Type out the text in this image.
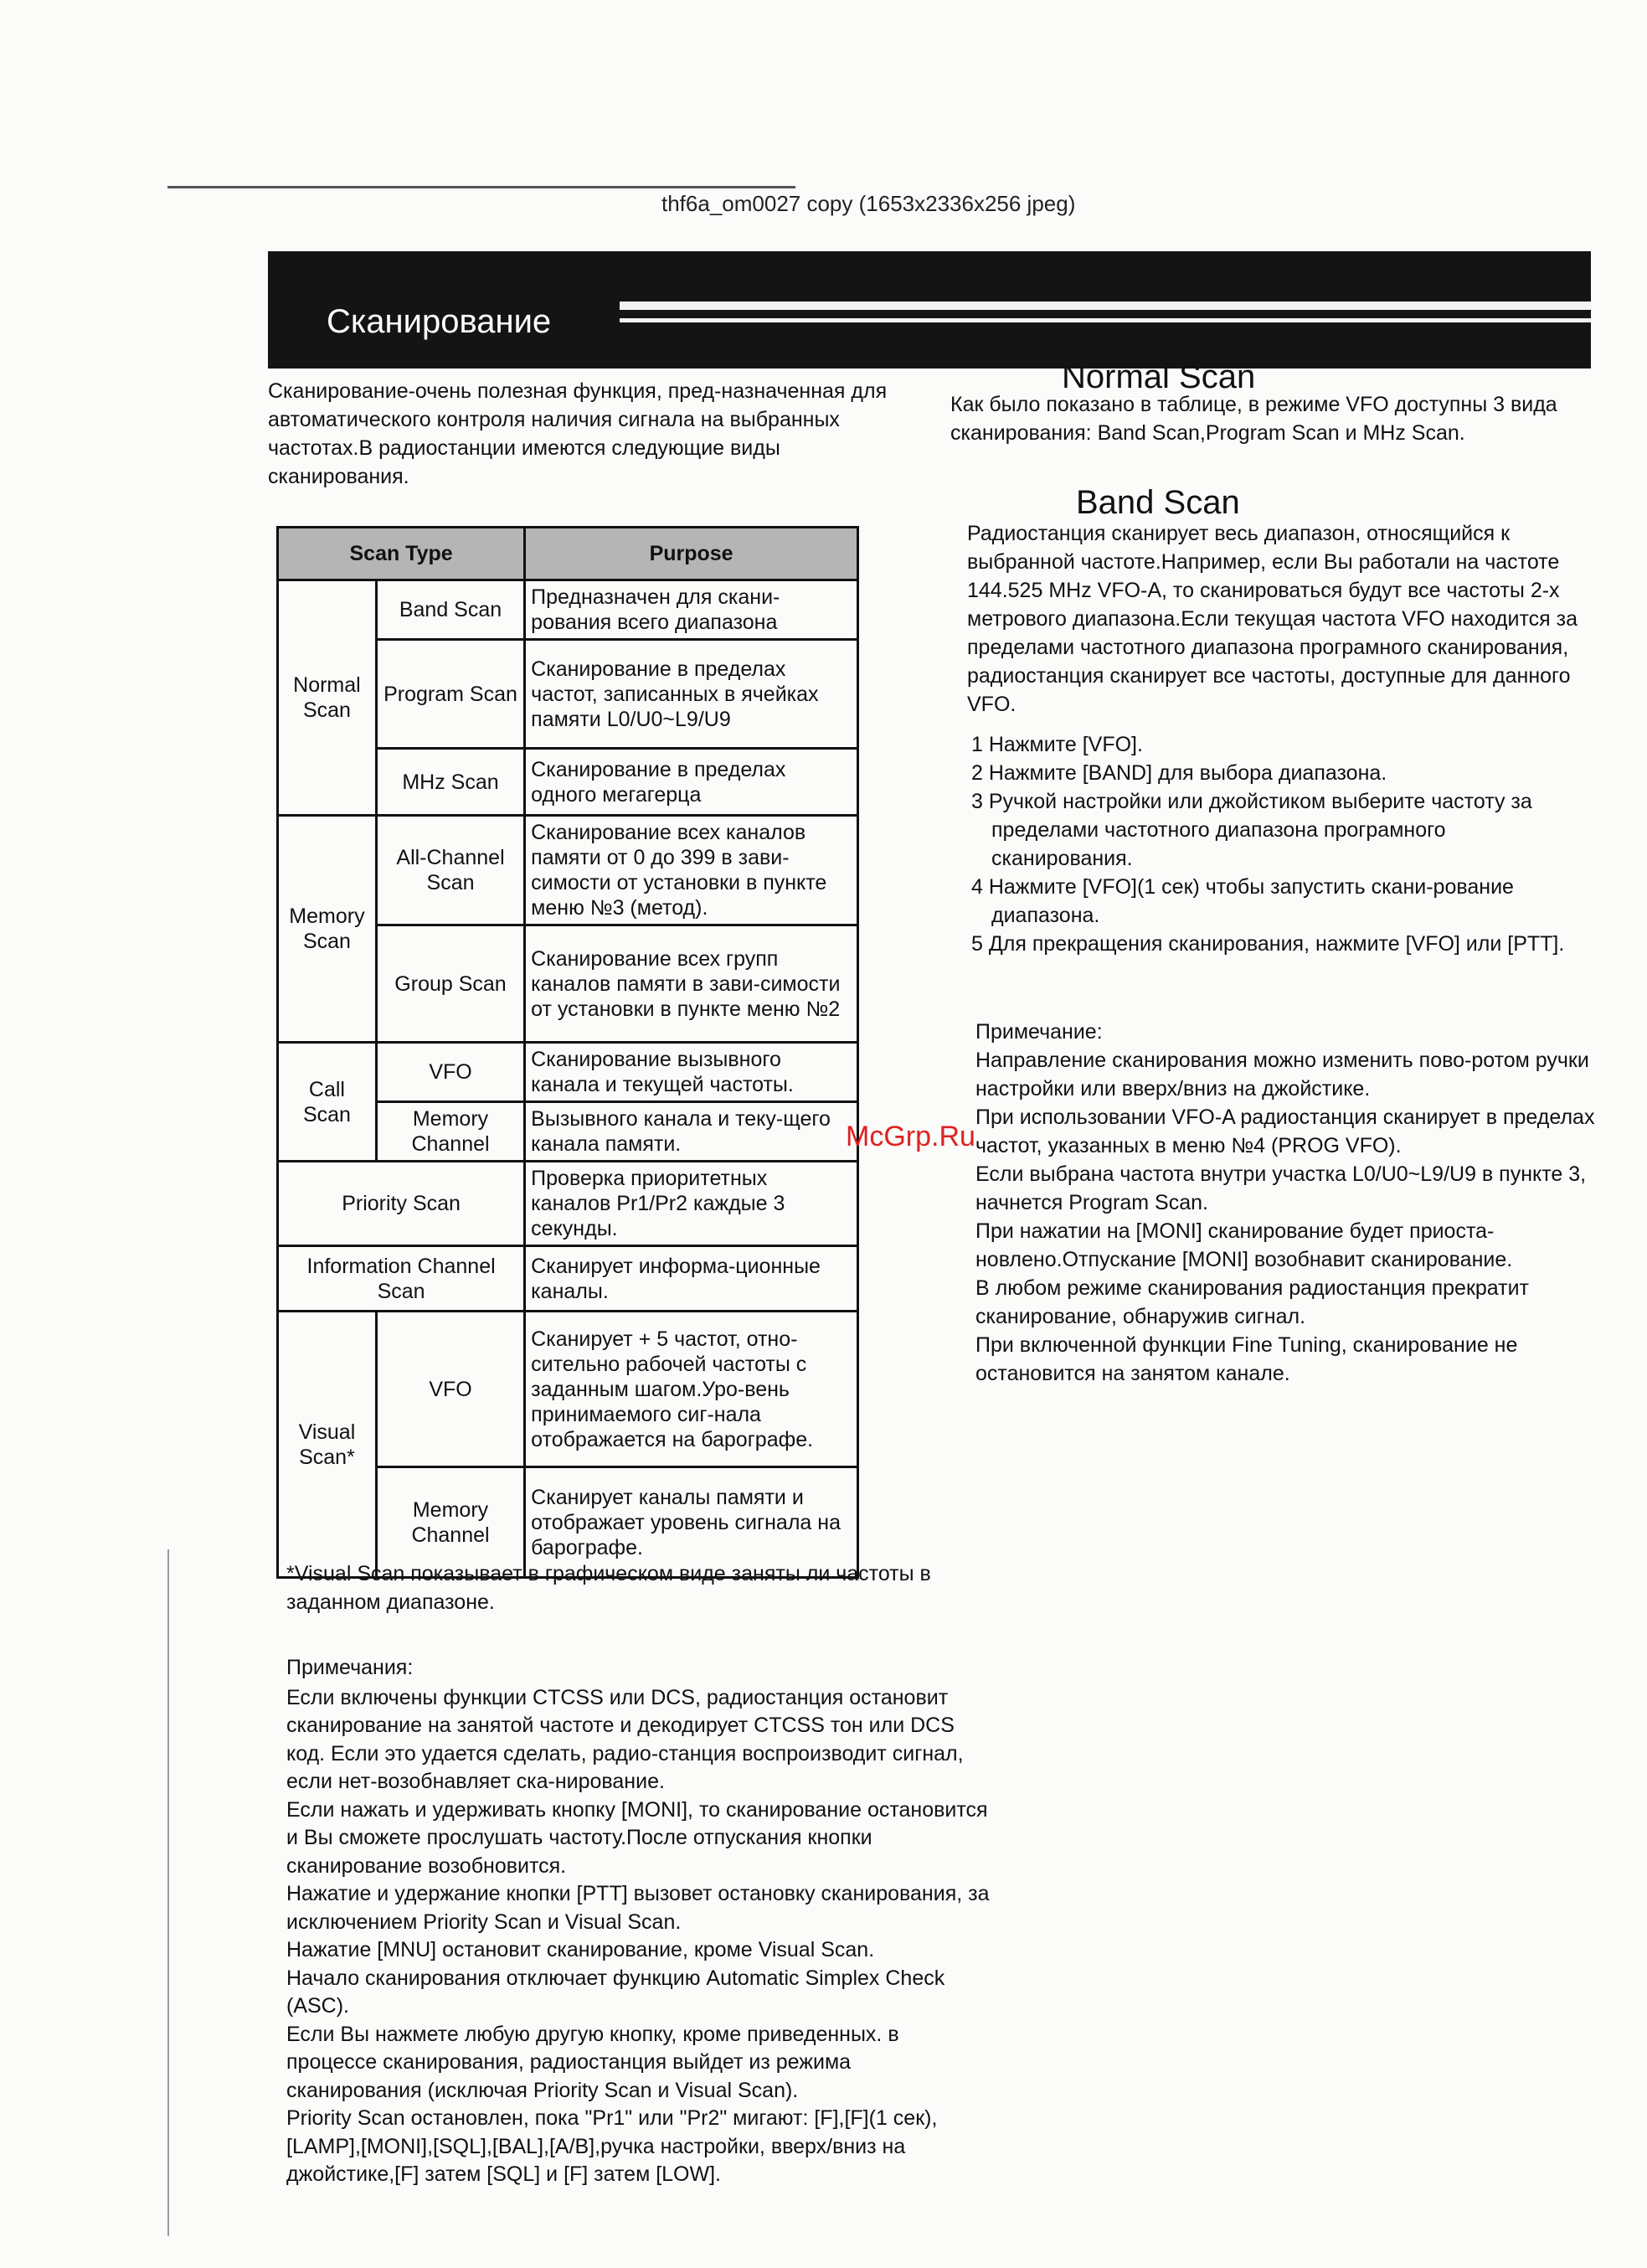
thf6a_om0027 copy (1653x2336x256 jpeg)
Сканирование
Сканирование-очень полезная функция, пред-назначенная для автоматического контроля наличия сигнала на выбранных частотах.В радиостанции имеются следующие виды сканирования.
Scan Type		Purpose
Normal Scan	Band Scan	Предназначен для скани-рования всего диапазона
	Program Scan	Сканирование в пределах частот, записанных в ячейках памяти L0/U0~L9/U9
	MHz Scan	Сканирование в пределах одного мегагерца
Memory Scan	All-Channel Scan	Сканирование всех каналов памяти от 0 до 399 в зави-симости от установки в пункте меню №3 (метод).
	Group Scan	Сканирование всех групп каналов памяти в зави-симости от установки в пункте меню №2
Call Scan	VFO	Сканирование вызывного канала и текущей частоты.
	Memory Channel	Вызывного канала и теку-щего канала памяти.
Priority Scan		Проверка приоритетных каналов Pr1/Pr2 каждые 3 секунды.
Information Channel Scan		Сканирует информа-ционные каналы.
Visual Scan*	VFO	Сканирует + 5 частот, отно-сительно рабочей частоты с заданным шагом.Уро-вень принимаемого сиг-нала отображается на барографе.
	Memory Channel	Сканирует каналы памяти и отображает уровень сигнала на барографе.
*Visual Scan показывает в графическом виде заняты ли частоты в заданном диапазоне.
Примечания:
Если включены функции CTCSS или DCS, радиостанция остановит сканирование на занятой частоте и декодирует CTCSS тон или DCS код. Если это удается сделать, радио-станция воспроизводит сигнал, если нет-возобнавляет ска-нирование.
Если нажать и удерживать кнопку [MONI], то сканирование остановится и Вы сможете прослушать частоту.После отпускания кнопки сканирование возобновится.
Нажатие и удержание кнопки [PTT] вызовет остановку сканирования, за исключением Priority Scan и Visual Scan.
Нажатие [MNU] остановит сканирование, кроме Visual Scan.
Начало сканирования отключает функцию Automatic Simplex Check (ASC).
Если Вы нажмете любую другую кнопку, кроме приведенных. в процессе сканирования, радиостанция выйдет из режима сканирования (исключая Priority Scan и Visual Scan).
Priority Scan остановлен, пока "Pr1" или "Pr2" мигают: [F],[F](1 сек),[LAMP],[MONI],[SQL],[BAL],[A/B],ручка настройки, вверх/вниз на джойстике,[F] затем [SQL] и [F] затем [LOW].
Normal Scan
Как было показано в таблице, в режиме VFO доступны 3 вида сканирования: Band Scan,Program Scan и MHz Scan.
Band Scan
Радиостанция сканирует весь диапазон, относящийся к выбранной частоте.Например, если Вы работали на частоте 144.525 MHz VFO-A, то сканироваться будут все частоты 2-х метрового диапазона.Если текущая частота VFO находится за пределами частотного диапазона програмного сканирования, радиостанция сканирует все частоты, доступные для данного VFO.
1 Нажмите [VFO].
2 Нажмите [BAND] для выбора диапазона.
3 Ручкой настройки или джойстиком выберите частоту за пределами частотного диапазона програмного сканирования.
4 Нажмите [VFO](1 сек) чтобы запустить скани-рование диапазона.
5 Для прекращения сканирования, нажмите [VFO] или [PTT].
Примечание:
Направление сканирования можно изменить пово-ротом ручки настройки или вверх/вниз на джойстике.
При использовании VFO-A радиостанция сканирует в пределах частот, указанных в меню №4 (PROG VFO).
Если выбрана частота внутри участка L0/U0~L9/U9 в пункте 3, начнется Program Scan.
При нажатии на [MONI] сканирование будет приоста-новлено.Отпускание [MONI] возобнавит сканирование.
В любом режиме сканирования радиостанция прекратит сканирование, обнаружив сигнал.
При включенной функции Fine Tuning, сканирование не остановится на занятом канале.
McGrp.Ru
